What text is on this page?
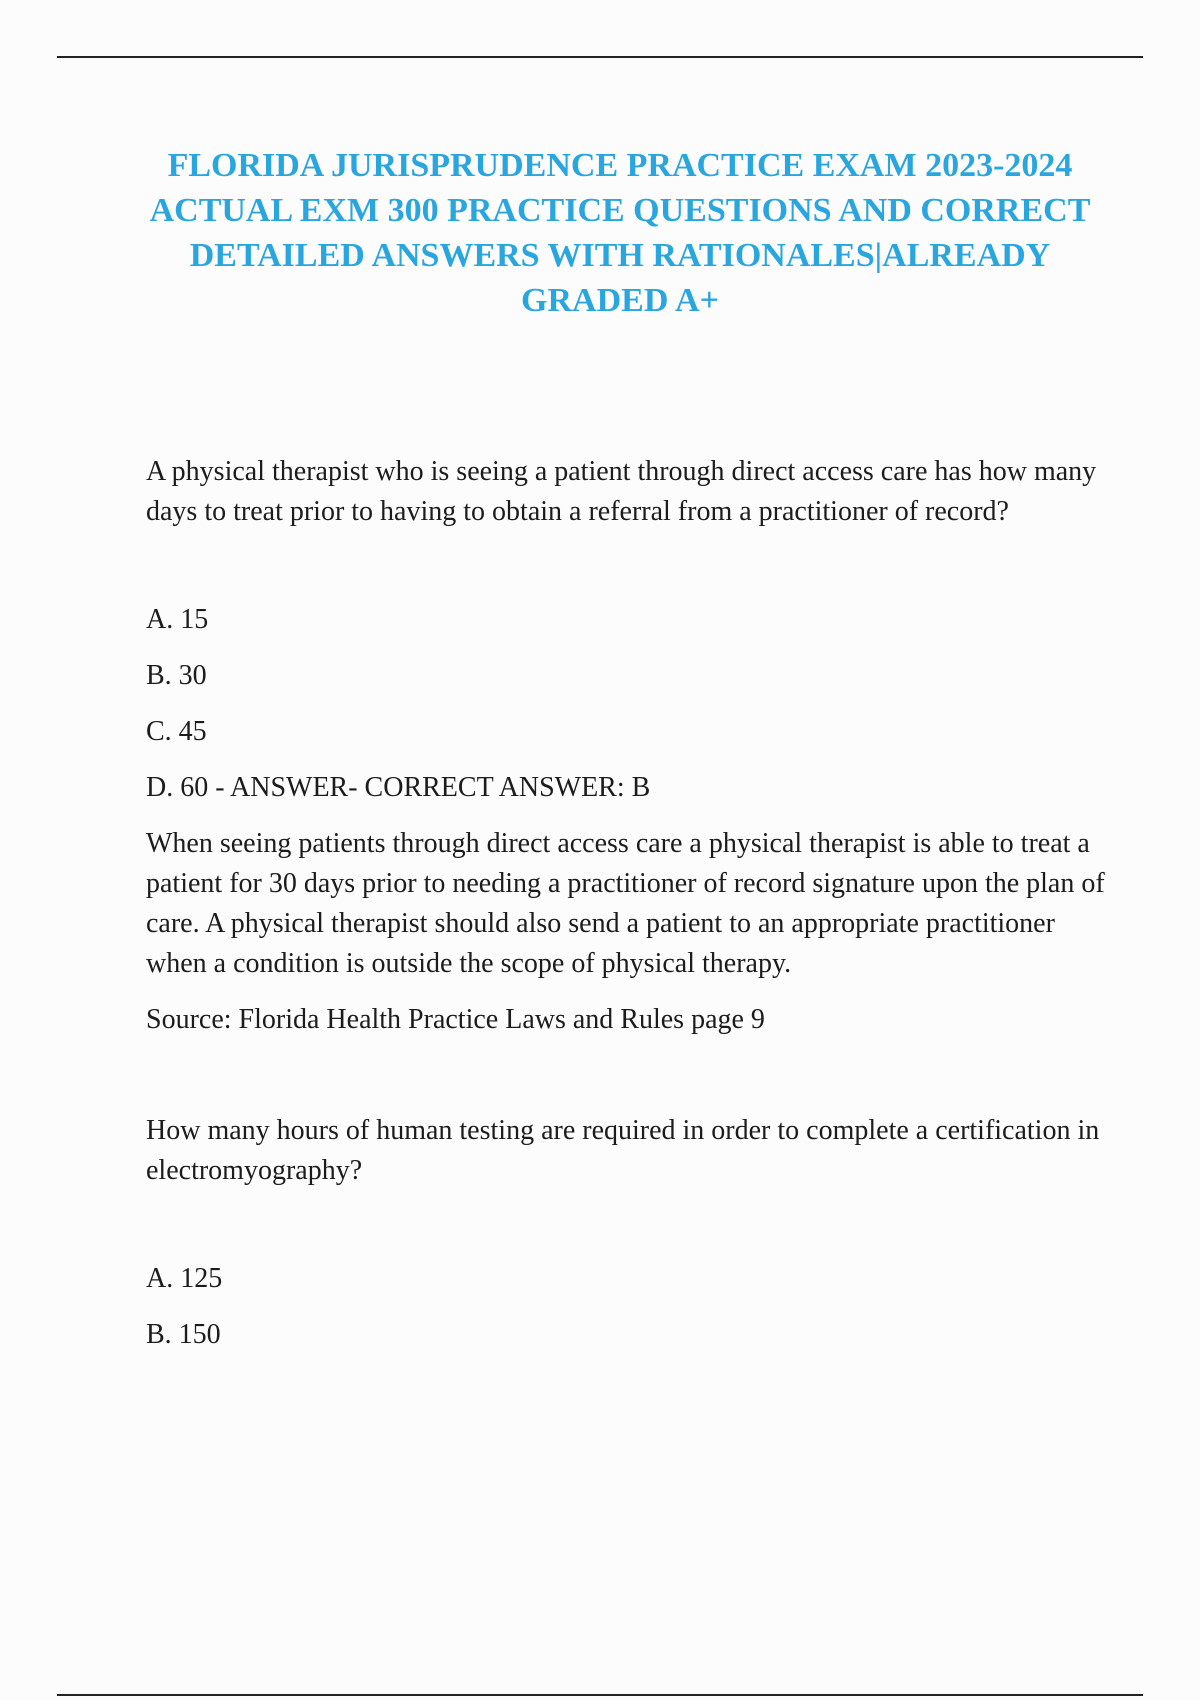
FLORIDA JURISPRUDENCE PRACTICE EXAM 2023-2024 ACTUAL EXM 300 PRACTICE QUESTIONS AND CORRECT DETAILED ANSWERS WITH RATIONALES|ALREADY GRADED A+

A physical therapist who is seeing a patient through direct access care has how many days to treat prior to having to obtain a referral from a practitioner of record?

A. 15

B. 30

C. 45

D. 60 - ANSWER- CORRECT ANSWER: B

When seeing patients through direct access care a physical therapist is able to treat a patient for 30 days prior to needing a practitioner of record signature upon the plan of care. A physical therapist should also send a patient to an appropriate practitioner when a condition is outside the scope of physical therapy.

Source: Florida Health Practice Laws and Rules page 9

How many hours of human testing are required in order to complete a certification in electromyography?

A. 125

B. 150
